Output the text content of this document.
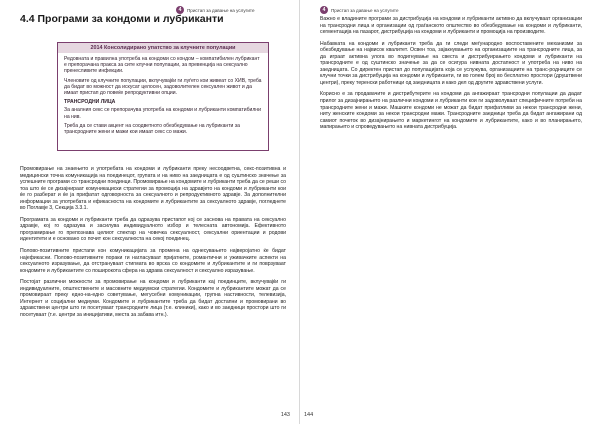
4	Пристап за давање на услугите
4.4 Програми за кондоми и лубриканти
2014 Консолидирано упатство за клучните популации

Редовната и правилна употреба на кондоми со кондом – компатибилен лубрикант е препорачана пракса за сите клучни популации, за превенција на сексуално пренесливите инфекции.

Членовите од клучните популации, вклучувајќи ги луѓето кои живеат со ХИВ, треба да бидат во можност да искусат целосен, задоволителен сексуален живот и да имаат пристап до повеќе репродуктивни опции.

ТРАНСРОДНИ ЛИЦА

За аналния секс се препорачува употреба на кондоми и лубриканти компатибилни на нив.

Треба да се стави акцент на соодветното обезбедување на лубриканти за трансродните жени и мажи кои имаат секс со мажи.

Промовирање на знаењето и употребата на кондоми и лубриканти преку несоодветна, секс-позитивна и медицински точна комуникација на поединецот, групата и на ниво на заедницата е од суштинско значење за успешните програми со трансродни поединци. Промовирање на кондомите и лубриканти треба да се реши со тоа што ќе се дизајнираат комуникациски стратегии за промоција на здравјето на кондоми и лубриканти кои ќе го разберат и ќе ја прифатат одговорноста за сексуалното и репродуктивното здравје. За дополнителни информации за употребата и ефикасноста на кондомите и лубрикантите за сексуалното здравје, погледнете во Поглавје 3, Секција 3.3.1.

Програмата за кондоми и лубриканти треба да одразува пристапот кој се заснова на правата на сексуално здравје, кој го одразува и засилува индивидуалното избор и телесната автономија. Ефективното програмирање го препознава целиот спектар на човечка сексуалност, сексуални ориентации и родови идентитети и е основано со почит кон сексуалноста на секој поединец.

Полово-позитивните пристапи кон комуникацијата за промена на однесувањето најверојатно ќе бидат најефикасни. Полово-позитивните пораки ги нагласуваат пријатните, романтични и уживачките аспекти на сексуалното изразување, да отстрануваат стигмата во врска со кондомите и лубрикантите и ги поврзуваат кондомите и лубрикантите со поширокота сфера на здрава сексуалност и сексуално изразување.

Постојат различни можности за промовирање на кондоми и лубриканти кај поединците, вклучувајќи ги индивидуалните, општествените и масовните медиумски стратегии. Кондомите и лубрикантите можат да се промовираат преку едно-на-едно советување, мегусебни комуникации, групна настивности, телевизија, Интернет и социјални медиуми. Кондомите и лубрикантите треба да бидат достапни и промовирани во здравствени центри што ги посетуваат трансродните лица (т.е. клиники), како и во заедници простори што ги посетуваат (т.е. центри за иницијативи, места за забава итн.).

143
4	Пристап за давање на услугите

Важно е владините програми за дистрибуција на кондоми и лубриканти активно да вклучуваат организации на трансродни лица и организации од граѓанското општество во обезбедување на кондоми и лубриканти, сегментација на пазарот, дистрибуција на кондоми и лубриканти и промоција на производите.

Набавката на кондоми и лубриканти треба да ги следи меѓународно воспоставените механизми за обезбедување на највисок квалитет. Освен тоа, зајакнувањето на организациите на трансродните лица, за да играат активна улога во подигнување на свеста и дистрибуирањето кондоми и лубриканти на трансродните е од суштинско значење за да се осигура нивната достапност и употреба на ниво на заедницата. Со директен пристап до популацијата која се услужува, организациите на транс-родниците се клучни точки за дистрибуција на кондоми и лубриканти, ги во голем број во бесплатно простори (друштвени центри), преку теренски работници од заедницата и како дел од другите здравствени услуги.

Корисно е за продавачите и дистрибутерите на кондоми да ангажираат трансродни популации да дадат прилог за дизајнирањето на различни кондоми и лубриканти кои ги задоволуваат специфичните потреби на трансродните жени и мажи. Машките кондоми не можат да бидат прифатливи за некои трансродни жени, ниту женските кондоми за некои трансродни мажи. Трансродните заедници треба да бидат ангажирани од самиот почеток во дизајнирањето и маркетингот на кондомите и лубрикантите, како и во планирањето, мапирањето и спроведувањето на нивната дистрибуција.

144
